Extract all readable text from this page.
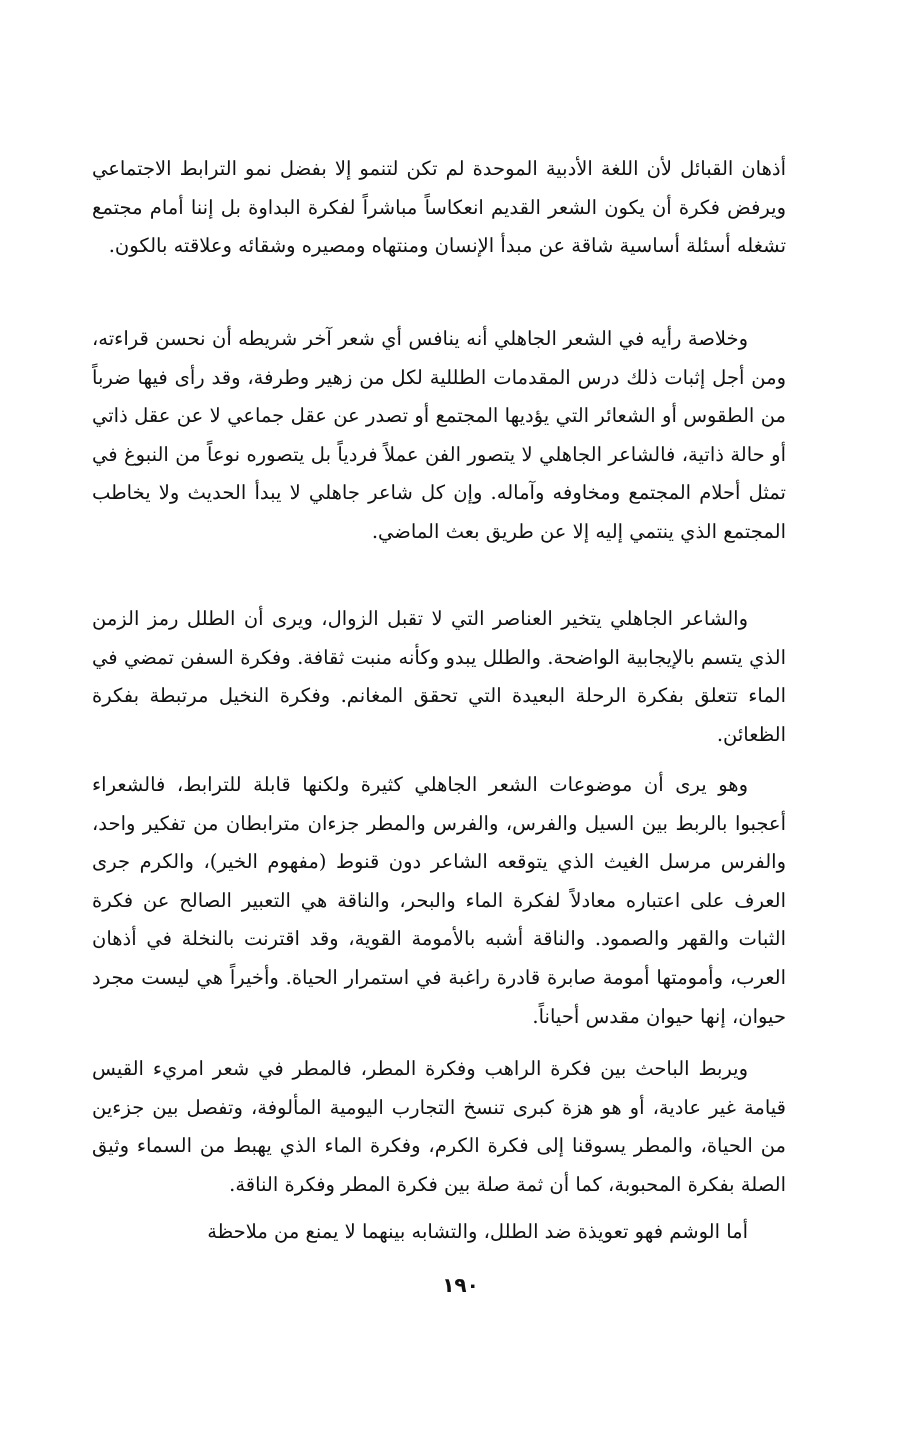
أذهان القبائل لأن اللغة الأدبية الموحدة لم تكن لتنمو إلا بفضل نمو الترابط الاجتماعي ويرفض فكرة أن يكون الشعر القديم انعكاساً مباشراً لفكرة البداوة بل إننا أمام مجتمع تشغله أسئلة أساسية شاقة عن مبدأ الإنسان ومنتهاه ومصيره وشقائه وعلاقته بالكون.

وخلاصة رأيه في الشعر الجاهلي أنه ينافس أي شعر آخر شريطه أن نحسن قراءته، ومن أجل إثبات ذلك درس المقدمات الطللية لكل من زهير وطرفة، وقد رأى فيها ضرباً من الطقوس أو الشعائر التي يؤديها المجتمع أو تصدر عن عقل جماعي لا عن عقل ذاتي أو حالة ذاتية، فالشاعر الجاهلي لا يتصور الفن عملاً فردياً بل يتصوره نوعاً من النبوغ في تمثل أحلام المجتمع ومخاوفه وآماله. وإن كل شاعر جاهلي لا يبدأ الحديث ولا يخاطب المجتمع الذي ينتمي إليه إلا عن طريق بعث الماضي.

والشاعر الجاهلي يتخير العناصر التي لا تقبل الزوال، ويرى أن الطلل رمز الزمن الذي يتسم بالإيجابية الواضحة. والطلل يبدو وكأنه منبت ثقافة. وفكرة السفن تمضي في الماء تتعلق بفكرة الرحلة البعيدة التي تحقق المغانم. وفكرة النخيل مرتبطة بفكرة الظعائن.

وهو يرى أن موضوعات الشعر الجاهلي كثيرة ولكنها قابلة للترابط، فالشعراء أعجبوا بالربط بين السيل والفرس، والفرس والمطر جزءان مترابطان من تفكير واحد، والفرس مرسل الغيث الذي يتوقعه الشاعر دون قنوط (مفهوم الخير)، والكرم جرى العرف على اعتباره معادلاً لفكرة الماء والبحر، والناقة هي التعبير الصالح عن فكرة الثبات والقهر والصمود. والناقة أشبه بالأمومة القوية، وقد اقترنت بالنخلة في أذهان العرب، وأمومتها أمومة صابرة قادرة راغبة في استمرار الحياة. وأخيراً هي ليست مجرد حيوان، إنها حيوان مقدس أحياناً.

ويربط الباحث بين فكرة الراهب وفكرة المطر، فالمطر في شعر امريء القيس قيامة غير عادية، أو هو هزة كبرى تنسخ التجارب اليومية المألوفة، وتفصل بين جزءين من الحياة، والمطر يسوقنا إلى فكرة الكرم، وفكرة الماء الذي يهبط من السماء وثيق الصلة بفكرة المحبوبة، كما أن ثمة صلة بين فكرة المطر وفكرة الناقة.

أما الوشم فهو تعويذة ضد الطلل، والتشابه بينهما لا يمنع من ملاحظة

١٩٠
